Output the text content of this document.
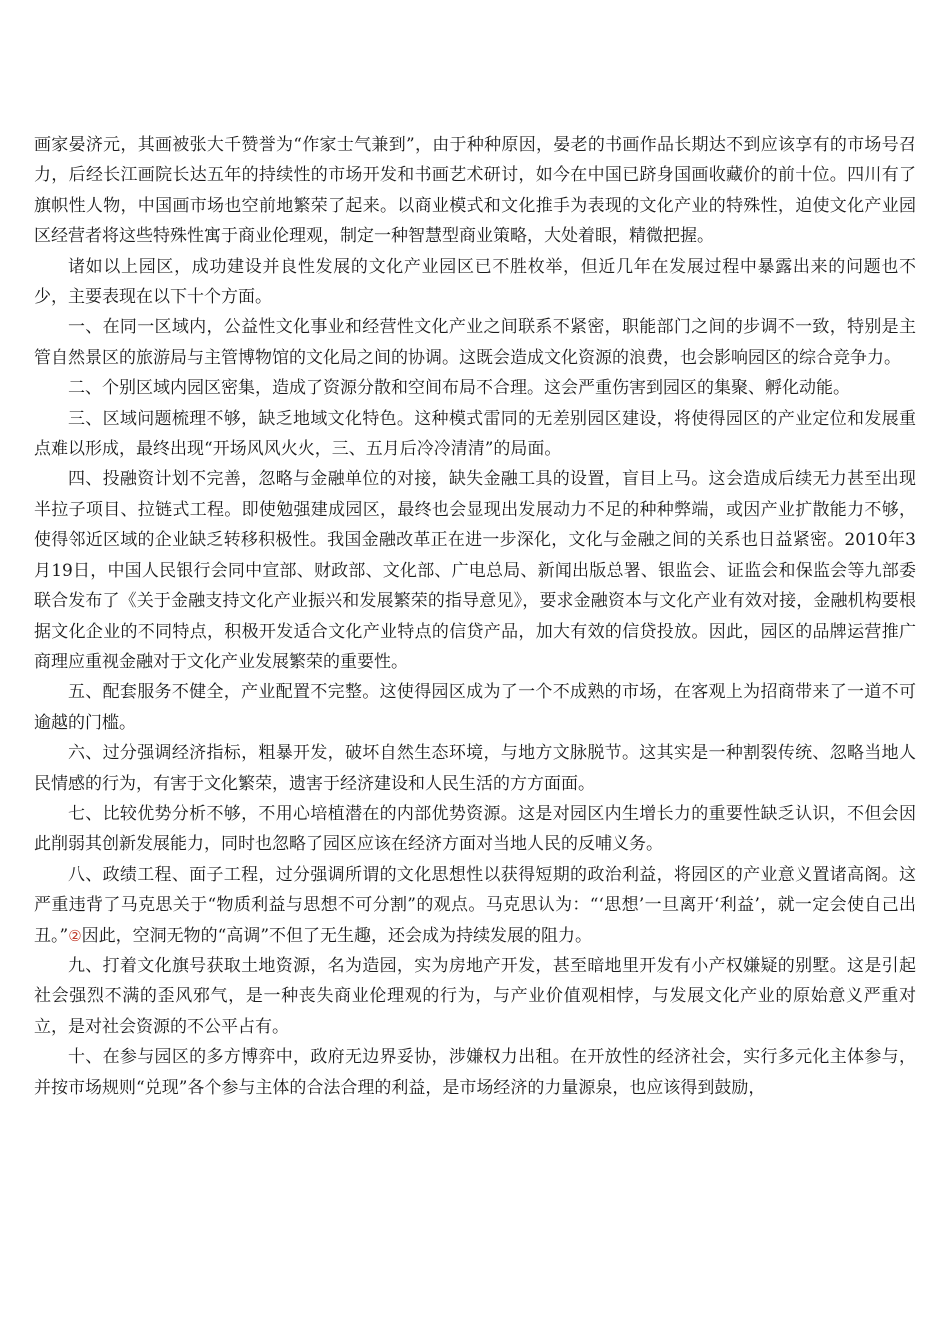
画家晏济元，其画被张大千赞誉为“作家士气兼到”，由于种种原因，晏老的书画作品长期达不到应该享有的市场号召力，后经长江画院长达五年的持续性的市场开发和书画艺术研讨，如今在中国已跻身国画收藏价的前十位。四川有了旗帜性人物，中国画市场也空前地繁荣了起来。以商业模式和文化推手为表现的文化产业的特殊性，迫使文化产业园区经营者将这些特殊性寓于商业伦理观，制定一种智慧型商业策略，大处着眼，精微把握。

诸如以上园区，成功建设并良性发展的文化产业园区已不胜枚举，但近几年在发展过程中暴露出来的问题也不少，主要表现在以下十个方面。

一、在同一区域内，公益性文化事业和经营性文化产业之间联系不紧密，职能部门之间的步调不一致，特别是主管自然景区的旅游局与主管博物馆的文化局之间的协调。这既会造成文化资源的浪费，也会影响园区的综合竞争力。

二、个别区域内园区密集，造成了资源分散和空间布局不合理。这会严重伤害到园区的集聚、孵化动能。

三、区域问题梳理不够，缺乏地域文化特色。这种模式雷同的无差别园区建设，将使得园区的产业定位和发展重点难以形成，最终出现“开场风风火火，三、五月后冷冷清清”的局面。

四、投融资计划不完善，忽略与金融单位的对接，缺失金融工具的设置，盲目上马。这会造成后续无力甚至出现半拉子项目、拉链式工程。即使勉强建成园区，最终也会显现出发展动力不足的种种弊端，或因产业扩散能力不够，使得邻近区域的企业缺乏转移积极性。我国金融改革正在进一步深化，文化与金融之间的关系也日益紧密。2010年3月19日，中国人民银行会同中宣部、财政部、文化部、广电总局、新闻出版总署、银监会、证监会和保监会等九部委联合发布了《关于金融支持文化产业振兴和发展繁荣的指导意见》，要求金融资本与文化产业有效对接，金融机构要根据文化企业的不同特点，积极开发适合文化产业特点的信贷产品，加大有效的信贷投放。因此，园区的品牌运营推广商理应重视金融对于文化产业发展繁荣的重要性。

五、配套服务不健全，产业配置不完整。这使得园区成为了一个不成熟的市场，在客观上为招商带来了一道不可逾越的门槛。

六、过分强调经济指标，粗暴开发，破坏自然生态环境，与地方文脉脱节。这其实是一种割裂传统、忽略当地人民情感的行为，有害于文化繁荣，遗害于经济建设和人民生活的方方面面。

七、比较优势分析不够，不用心培植潜在的内部优势资源。这是对园区内生增长力的重要性缺乏认识，不但会因此削弱其创新发展能力，同时也忽略了园区应该在经济方面对当地人民的反哺义务。

八、政绩工程、面子工程，过分强调所谓的文化思想性以获得短期的政治利益，将园区的产业意义置诸高阁。这严重违背了马克思关于“物质利益与思想不可分割”的观点。马克思认为：“‘思想’一旦离开‘利益’，就一定会使自己出丑。”②因此，空洞无物的“高调”不但了无生趣，还会成为持续发展的阻力。

九、打着文化旗号获取土地资源，名为造园，实为房地产开发，甚至暗地里开发有小产权嫌疑的别墅。这是引起社会强烈不满的歪风邪气，是一种丧失商业伦理观的行为，与产业价值观相悖，与发展文化产业的原始意义严重对立，是对社会资源的不公平占有。

十、在参与园区的多方博弈中，政府无边界妥协，涉嫌权力出租。在开放性的经济社会，实行多元化主体参与，并按市场规则“兑现”各个参与主体的合法合理的利益，是市场经济的力量源泉，也应该得到鼓励，
